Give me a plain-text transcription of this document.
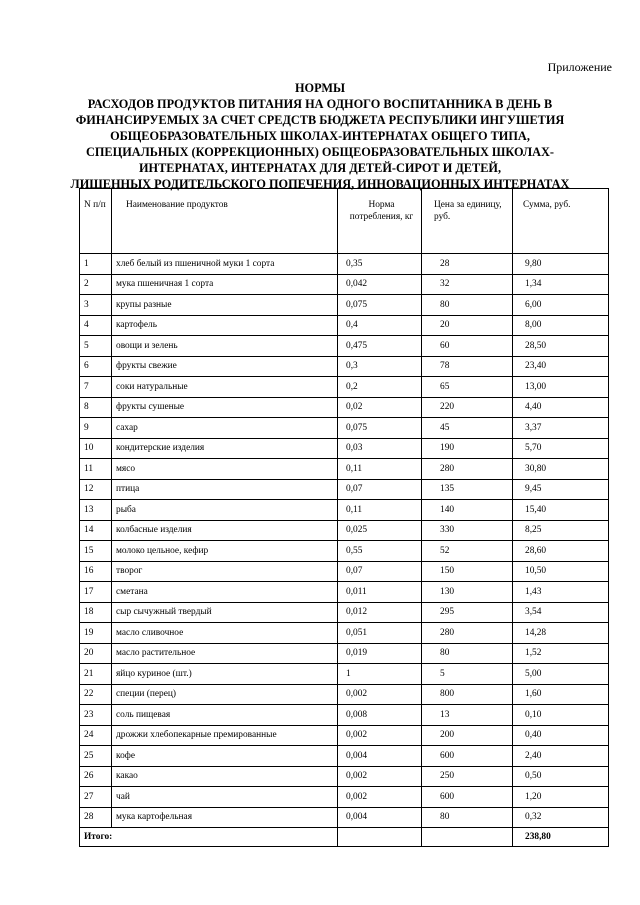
Приложение
НОРМЫ
РАСХОДОВ ПРОДУКТОВ ПИТАНИЯ НА ОДНОГО ВОСПИТАННИКА В ДЕНЬ В
ФИНАНСИРУЕМЫХ ЗА СЧЕТ СРЕДСТВ БЮДЖЕТА РЕСПУБЛИКИ ИНГУШЕТИЯ
ОБЩЕОБРАЗОВАТЕЛЬНЫХ ШКОЛАХ-ИНТЕРНАТАХ ОБЩЕГО ТИПА,
СПЕЦИАЛЬНЫХ (КОРРЕКЦИОННЫХ) ОБЩЕОБРАЗОВАТЕЛЬНЫХ ШКОЛАХ-
ИНТЕРНАТАХ, ИНТЕРНАТАХ ДЛЯ ДЕТЕЙ-СИРОТ И ДЕТЕЙ,
ЛИШЕННЫХ РОДИТЕЛЬСКОГО ПОПЕЧЕНИЯ, ИННОВАЦИОННЫХ ИНТЕРНАТАХ
N п/п	Наименование продуктов	Норма потребления, кг	Цена за единицу, руб.	Сумма, руб.
1	хлеб белый из пшеничной муки 1 сорта	0,35	28	9,80
2	мука пшеничная 1 сорта	0,042	32	1,34
3	крупы разные	0,075	80	6,00
4	картофель	0,4	20	8,00
5	овощи и зелень	0,475	60	28,50
6	фрукты свежие	0,3	78	23,40
7	соки натуральные	0,2	65	13,00
8	фрукты сушеные	0,02	220	4,40
9	сахар	0,075	45	3,37
10	кондитерские изделия	0,03	190	5,70
11	мясо	0,11	280	30,80
12	птица	0,07	135	9,45
13	рыба	0,11	140	15,40
14	колбасные изделия	0,025	330	8,25
15	молоко цельное, кефир	0,55	52	28,60
16	творог	0,07	150	10,50
17	сметана	0,011	130	1,43
18	сыр сычужный твердый	0,012	295	3,54
19	масло сливочное	0,051	280	14,28
20	масло растительное	0,019	80	1,52
21	яйцо куриное (шт.)	1	5	5,00
22	специи (перец)	0,002	800	1,60
23	соль пищевая	0,008	13	0,10
24	дрожжи хлебопекарные премированные	0,002	200	0,40
25	кофе	0,004	600	2,40
26	какао	0,002	250	0,50
27	чай	0,002	600	1,20
28	мука картофельная	0,004	80	0,32
Итого:				238,80
